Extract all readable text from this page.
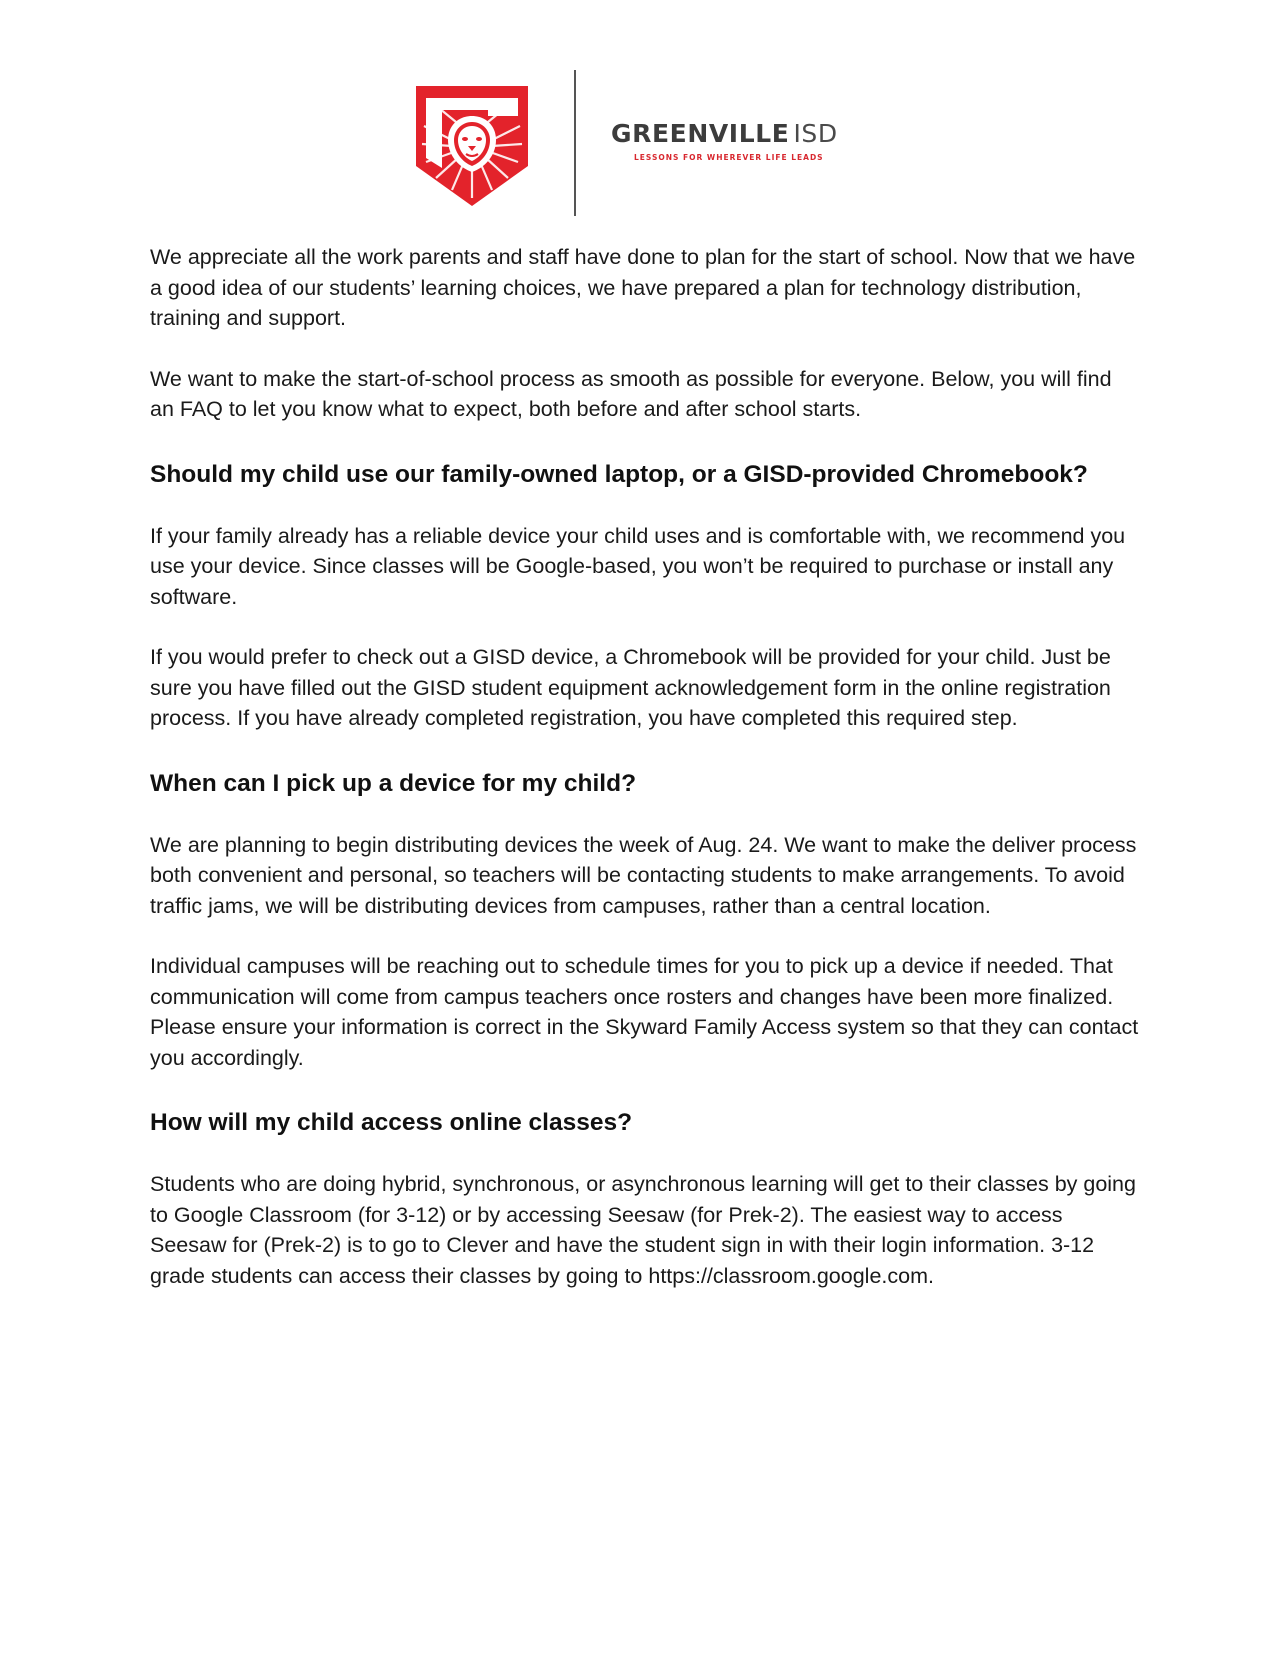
GREENVILLE ISD
LESSONS FOR WHEREVER LIFE LEADS

We appreciate all the work parents and staff have done to plan for the start of school. Now that we have a good idea of our students’ learning choices, we have prepared a plan for technology distribution, training and support.

We want to make the start-of-school process as smooth as possible for everyone. Below, you will find an FAQ to let you know what to expect, both before and after school starts.

Should my child use our family-owned laptop, or a GISD-provided Chromebook?

If your family already has a reliable device your child uses and is comfortable with, we recommend you use your device. Since classes will be Google-based, you won’t be required to purchase or install any software.

If you would prefer to check out a GISD device, a Chromebook will be provided for your child. Just be sure you have filled out the GISD student equipment acknowledgement form in the online registration process. If you have already completed registration, you have completed this required step.

When can I pick up a device for my child?

We are planning to begin distributing devices the week of Aug. 24. We want to make the deliver process both convenient and personal, so teachers will be contacting students to make arrangements. To avoid traffic jams, we will be distributing devices from campuses, rather than a central location.

Individual campuses will be reaching out to schedule times for you to pick up a device if needed. That communication will come from campus teachers once rosters and changes have been more finalized. Please ensure your information is correct in the Skyward Family Access system so that they can contact you accordingly.

How will my child access online classes?

Students who are doing hybrid, synchronous, or asynchronous learning will get to their classes by going to Google Classroom (for 3-12) or by accessing Seesaw (for Prek-2). The easiest way to access Seesaw for (Prek-2) is to go to Clever and have the student sign in with their login information. 3-12 grade students can access their classes by going to https://classroom.google.com.
